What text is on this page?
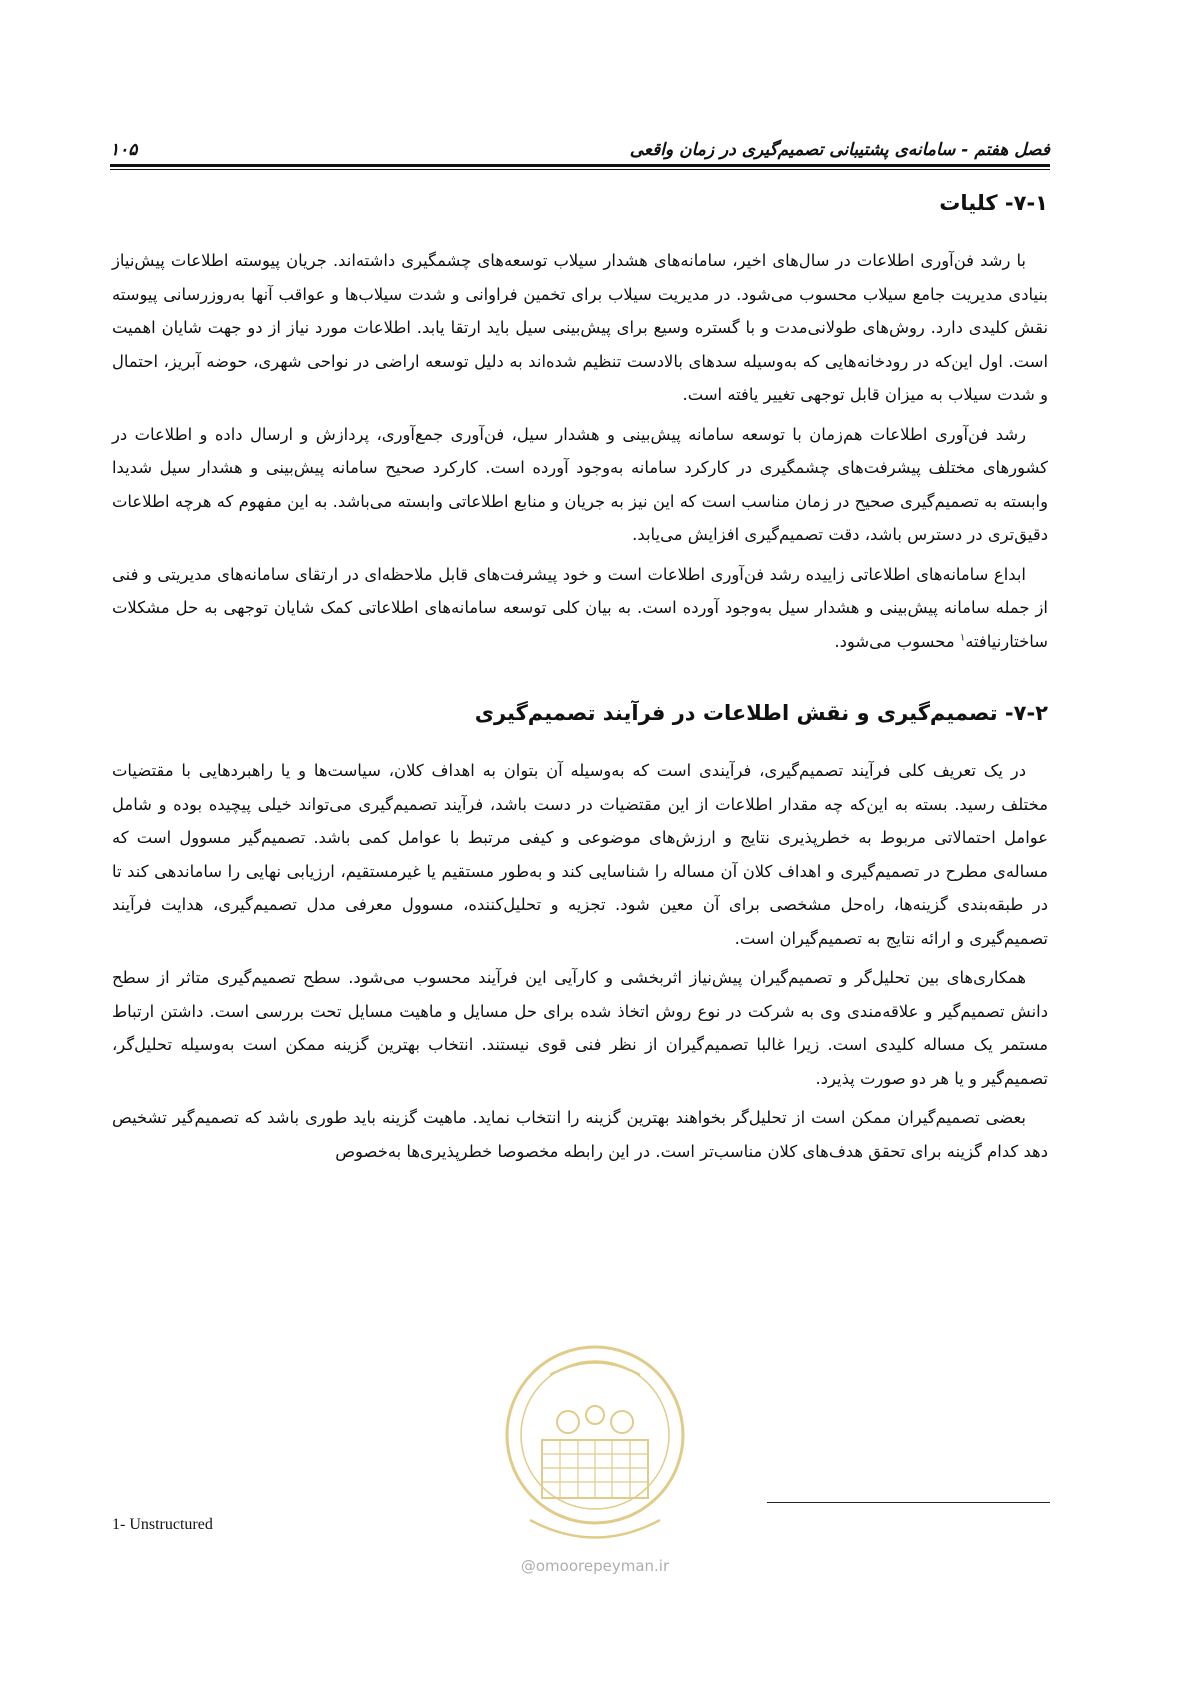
فصل هفتم - سامانه‌ی پشتیبانی تصمیم‌گیری در زمان واقعی
۱۰۵
۷-۱- کلیات

با رشد فن‌آوری اطلاعات در سال‌های اخیر، سامانه‌های هشدار سیلاب توسعه‌های چشمگیری داشته‌اند. جریان پیوسته اطلاعات پیش‌نیاز بنیادی مدیریت جامع سیلاب محسوب می‌شود. در مدیریت سیلاب برای تخمین فراوانی و شدت سیلاب‌ها و عواقب آنها به‌روزرسانی پیوسته نقش کلیدی دارد. روش‌های طولانی‌مدت و با گستره وسیع برای پیش‌بینی سیل باید ارتقا یابد. اطلاعات مورد نیاز از دو جهت شایان اهمیت است. اول این‌که در رودخانه‌هایی که به‌وسیله سدهای بالادست تنظیم شده‌اند به دلیل توسعه اراضی در نواحی شهری، حوضه آبریز، احتمال و شدت سیلاب به میزان قابل توجهی تغییر یافته است.

رشد فن‌آوری اطلاعات هم‌زمان با توسعه سامانه پیش‌بینی و هشدار سیل، فن‌آوری جمع‌آوری، پردازش و ارسال داده و اطلاعات در کشورهای مختلف پیشرفت‌های چشمگیری در کارکرد سامانه به‌وجود آورده است. کارکرد صحیح سامانه پیش‌بینی و هشدار سیل شدیدا وابسته به تصمیم‌گیری صحیح در زمان مناسب است که این نیز به جریان و منابع اطلاعاتی وابسته می‌باشد. به این مفهوم که هرچه اطلاعات دقیق‌تری در دسترس باشد، دقت تصمیم‌گیری افزایش می‌یابد.

ابداع سامانه‌های اطلاعاتی زاییده رشد فن‌آوری اطلاعات است و خود پیشرفت‌های قابل ملاحظه‌ای در ارتقای سامانه‌های مدیریتی و فنی از جمله سامانه پیش‌بینی و هشدار سیل به‌وجود آورده است. به بیان کلی توسعه سامانه‌های اطلاعاتی کمک شایان توجهی به حل مشکلات ساختارنیافته$^۱$ محسوب می‌شود.

۷-۲- تصمیم‌گیری و نقش اطلاعات در فرآیند تصمیم‌گیری

در یک تعریف کلی فرآیند تصمیم‌گیری، فرآیندی است که به‌وسیله آن بتوان به اهداف کلان، سیاست‌ها و یا راهبردهایی با مقتضیات مختلف رسید. بسته به این‌که چه مقدار اطلاعات از این مقتضیات در دست باشد، فرآیند تصمیم‌گیری می‌تواند خیلی پیچیده بوده و شامل عوامل احتمالاتی مربوط به خطرپذیری نتایج و ارزش‌های موضوعی و کیفی مرتبط با عوامل کمی باشد. تصمیم‌گیر مسوول است که مساله‌ی مطرح در تصمیم‌گیری و اهداف کلان آن مساله را شناسایی کند و به‌طور مستقیم یا غیرمستقیم، ارزیابی نهایی را ساماندهی کند تا در طبقه‌بندی گزینه‌ها، راه‌حل مشخصی برای آن معین شود. تجزیه و تحلیل‌کننده، مسوول معرفی مدل تصمیم‌گیری، هدایت فرآیند تصمیم‌گیری و ارائه نتایج به تصمیم‌گیران است.

همکاری‌های بین تحلیل‌گر و تصمیم‌گیران پیش‌نیاز اثربخشی و کارآیی این فرآیند محسوب می‌شود. سطح تصمیم‌گیری متاثر از سطح دانش تصمیم‌گیر و علاقه‌مندی وی به شرکت در نوع روش اتخاذ شده برای حل مسایل و ماهیت مسایل تحت بررسی است. داشتن ارتباط مستمر یک مساله کلیدی است. زیرا غالبا تصمیم‌گیران از نظر فنی قوی نیستند. انتخاب بهترین گزینه ممکن است به‌وسیله تحلیل‌گر، تصمیم‌گیر و یا هر دو صورت پذیرد.

بعضی تصمیم‌گیران ممکن است از تحلیل‌گر بخواهند بهترین گزینه را انتخاب نماید. ماهیت گزینه باید طوری باشد که تصمیم‌گیر تشخیص دهد کدام گزینه برای تحقق هدف‌های کلان مناسب‌تر است. در این رابطه مخصوصا خطرپذیری‌ها به‌خصوص

1- Unstructured
@omoorepeyman.ir
